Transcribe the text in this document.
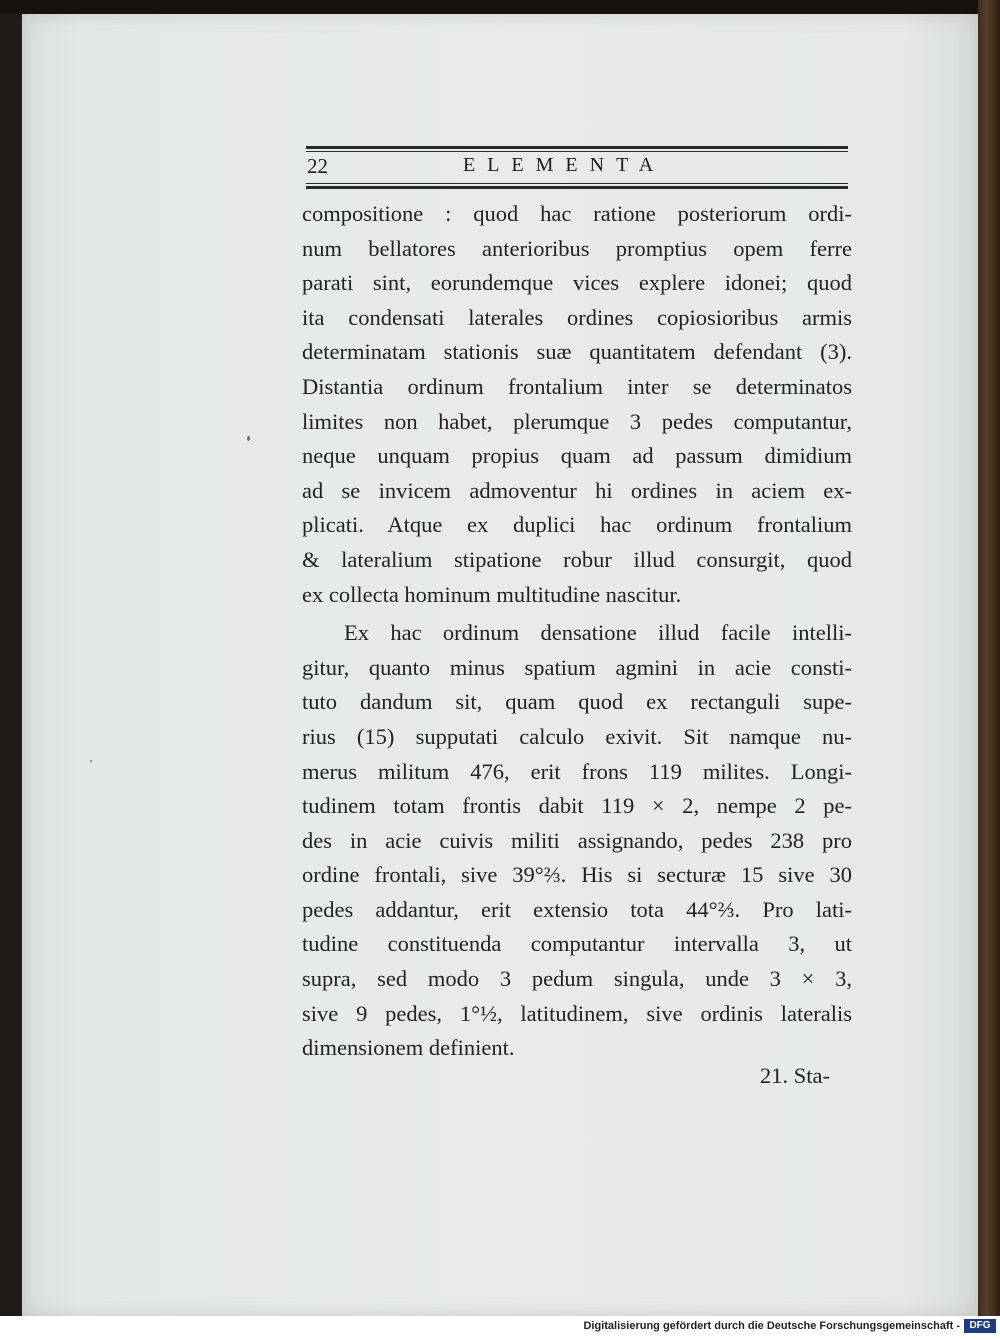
22	ELEMENTA
compositione : quod hac ratione posteriorum ordi-
num bellatores anterioribus promptius opem ferre
parati sint, eorundemque vices explere idonei; quod
ita condensati laterales ordines copiosioribus armis
determinatam stationis suæ quantitatem defendant (3).
Distantia ordinum frontalium inter se determinatos
limites non habet, plerumque 3 pedes computantur,
neque unquam propius quam ad passum dimidium
ad se invicem admoventur hi ordines in aciem ex-
plicati. Atque ex duplici hac ordinum frontalium
& lateralium stipatione robur illud consurgit, quod
ex collecta hominum multitudine nascitur.
Ex hac ordinum densatione illud facile intelli-
gitur, quanto minus spatium agmini in acie consti-
tuto dandum sit, quam quod ex rectanguli supe-
rius (15) supputati calculo exivit. Sit namque nu-
merus militum 476, erit frons 119 milites. Longi-
tudinem totam frontis dabit 119 × 2, nempe 2 pe-
des in acie cuivis militi assignando, pedes 238 pro
ordine frontali, sive 39°⅔. His si secturæ 15 sive 30
pedes addantur, erit extensio tota 44°⅔. Pro lati-
tudine constituenda computantur intervalla 3, ut
supra, sed modo 3 pedum singula, unde 3 × 3,
sive 9 pedes, 1°½, latitudinem, sive ordinis lateralis
dimensionem definient.
21. Sta-
Digitalisierung gefördert durch die Deutsche Forschungsgemeinschaft - DFG
